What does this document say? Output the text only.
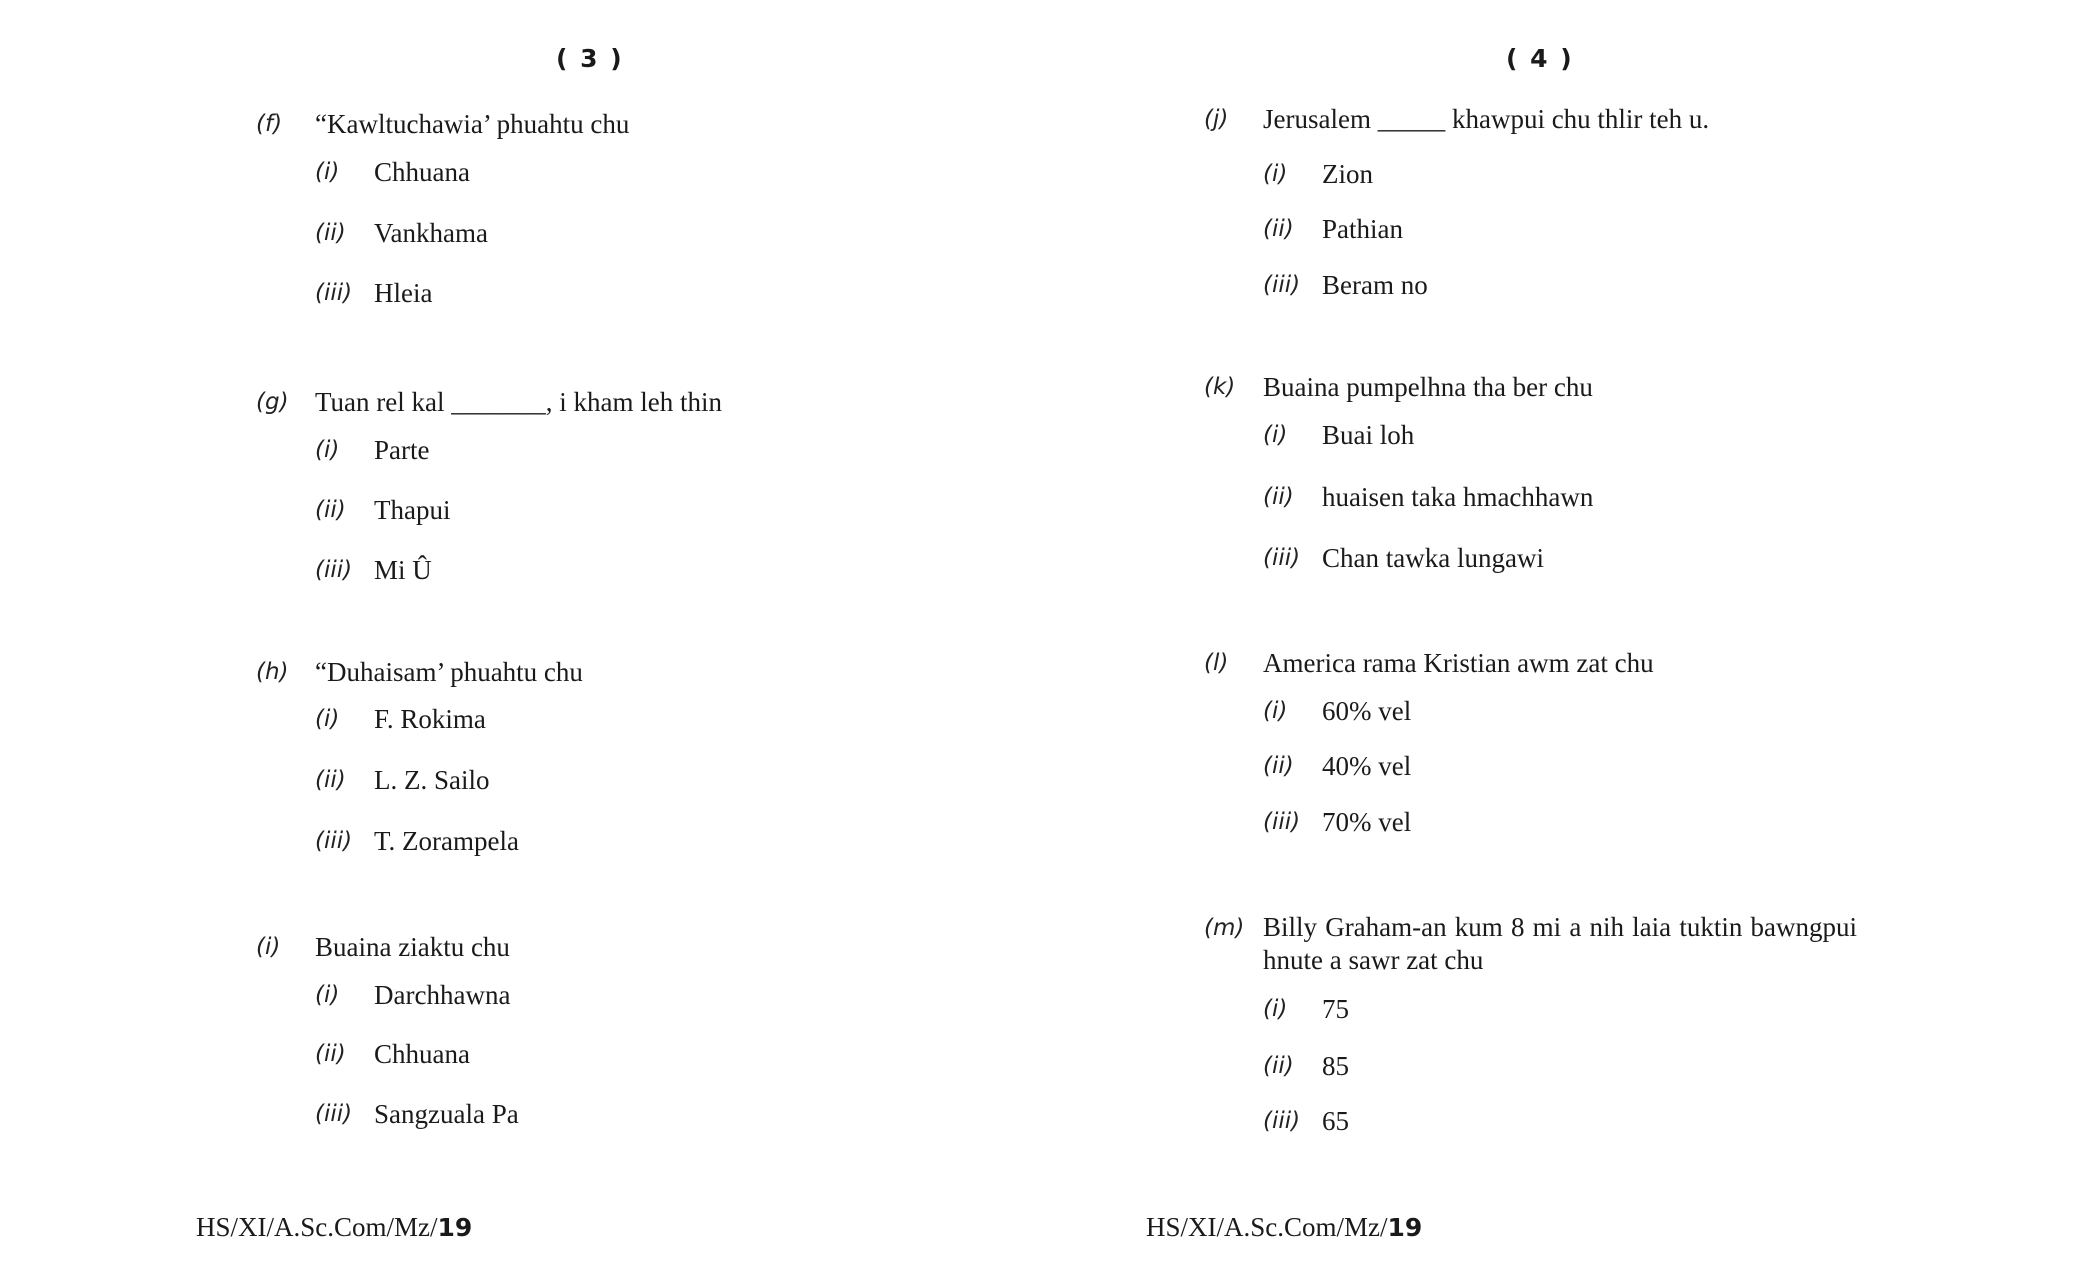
( 3 )
(f) “Kawltuchawia’ phuahtu chu
(i) Chhuana
(ii) Vankhama
(iii) Hleia
(g) Tuan rel kal _______, i kham leh thin
(i) Parte
(ii) Thapui
(iii) Mi Û
(h) “Duhaisam’ phuahtu chu
(i) F. Rokima
(ii) L. Z. Sailo
(iii) T. Zorampela
(i) Buaina ziaktu chu
(i) Darchhawna
(ii) Chhuana
(iii) Sangzuala Pa
HS/XI/A.Sc.Com/Mz/19
( 4 )
(j) Jerusalem _____ khawpui chu thlir teh u.
(i) Zion
(ii) Pathian
(iii) Beram no
(k) Buaina pumpelhna tha ber chu
(i) Buai loh
(ii) huaisen taka hmachhawn
(iii) Chan tawka lungawi
(l) America rama Kristian awm zat chu
(i) 60% vel
(ii) 40% vel
(iii) 70% vel
(m) Billy Graham-an kum 8 mi a nih laia tuktin bawngpui hnute a sawr zat chu
(i) 75
(ii) 85
(iii) 65
HS/XI/A.Sc.Com/Mz/19
